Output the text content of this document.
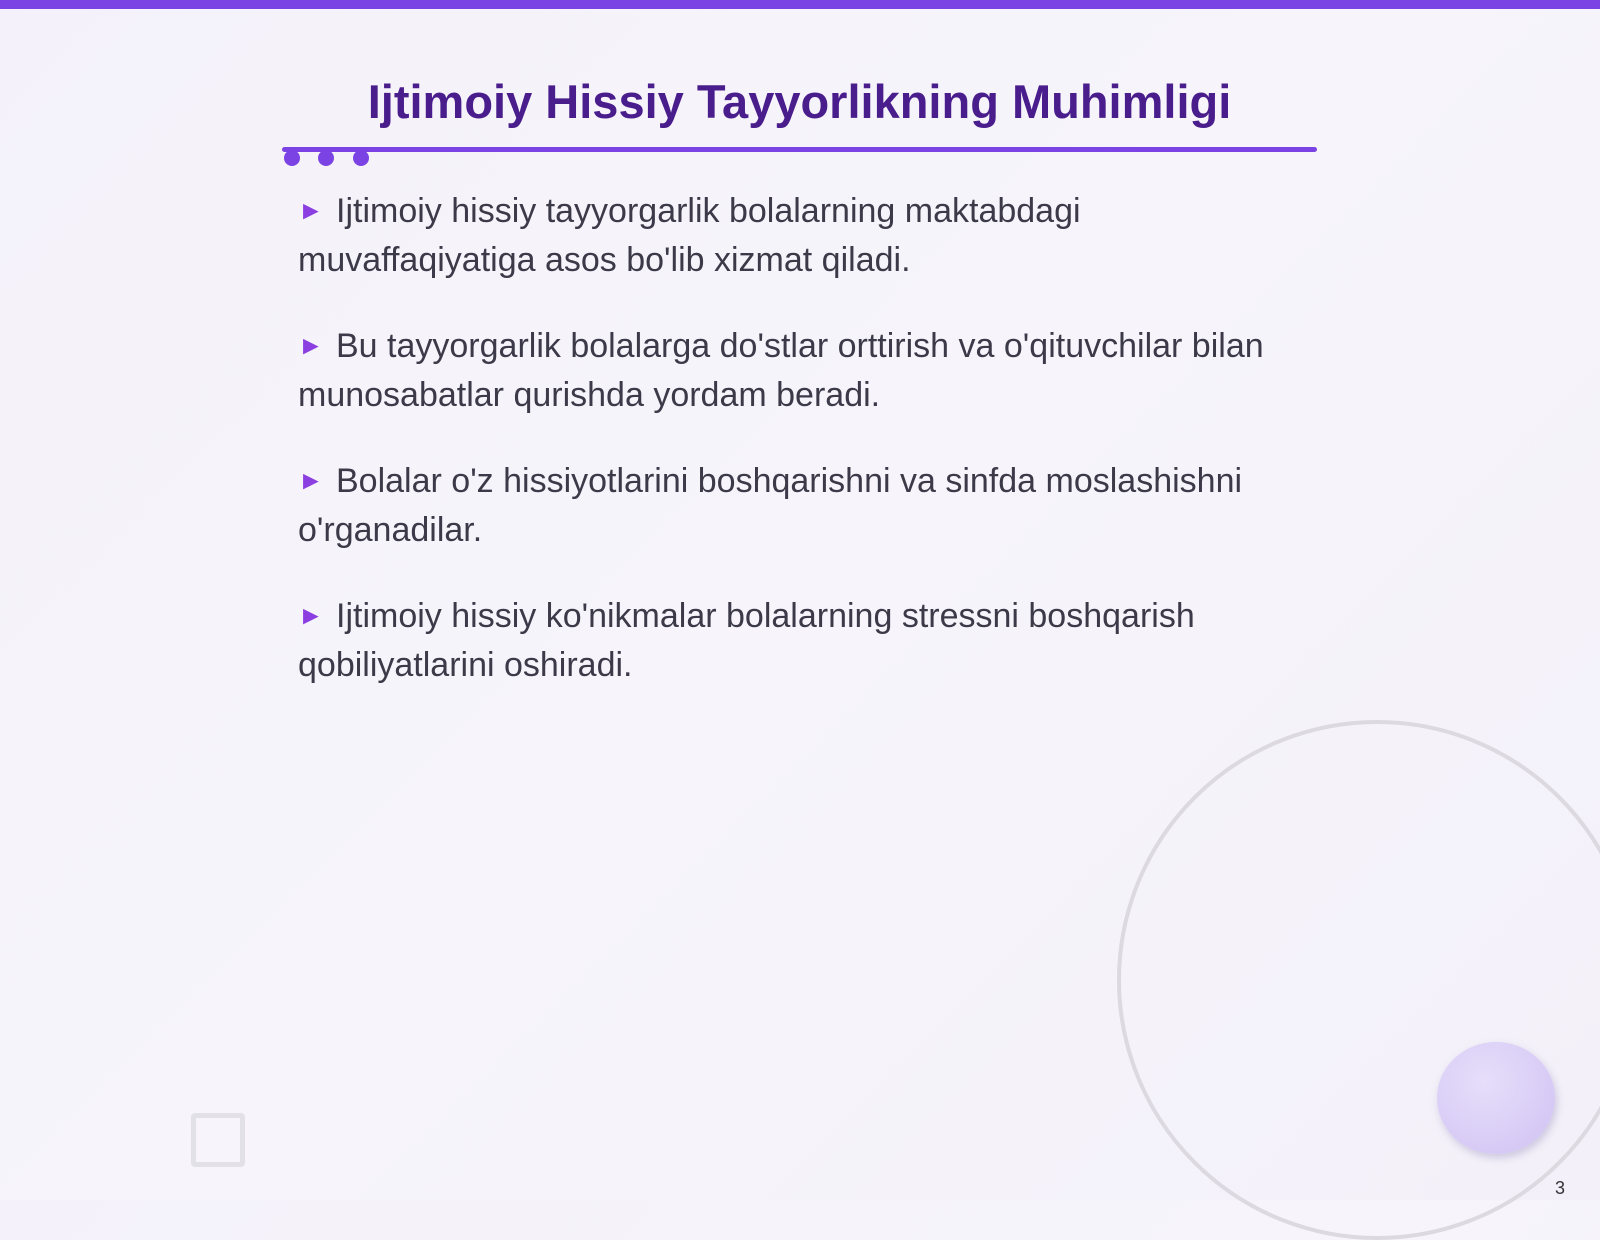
Ijtimoiy Hissiy Tayyorlikning Muhimligi
► Ijtimoiy hissiy tayyorgarlik bolalarning maktabdagi muvaffaqiyatiga asos bo'lib xizmat qiladi.
► Bu tayyorgarlik bolalarga do'stlar orttirish va o'qituvchilar bilan munosabatlar qurishda yordam beradi.
► Bolalar o'z hissiyotlarini boshqarishni va sinfda moslashishni o'rganadilar.
► Ijtimoiy hissiy ko'nikmalar bolalarning stressni boshqarish qobiliyatlarini oshiradi.
3
